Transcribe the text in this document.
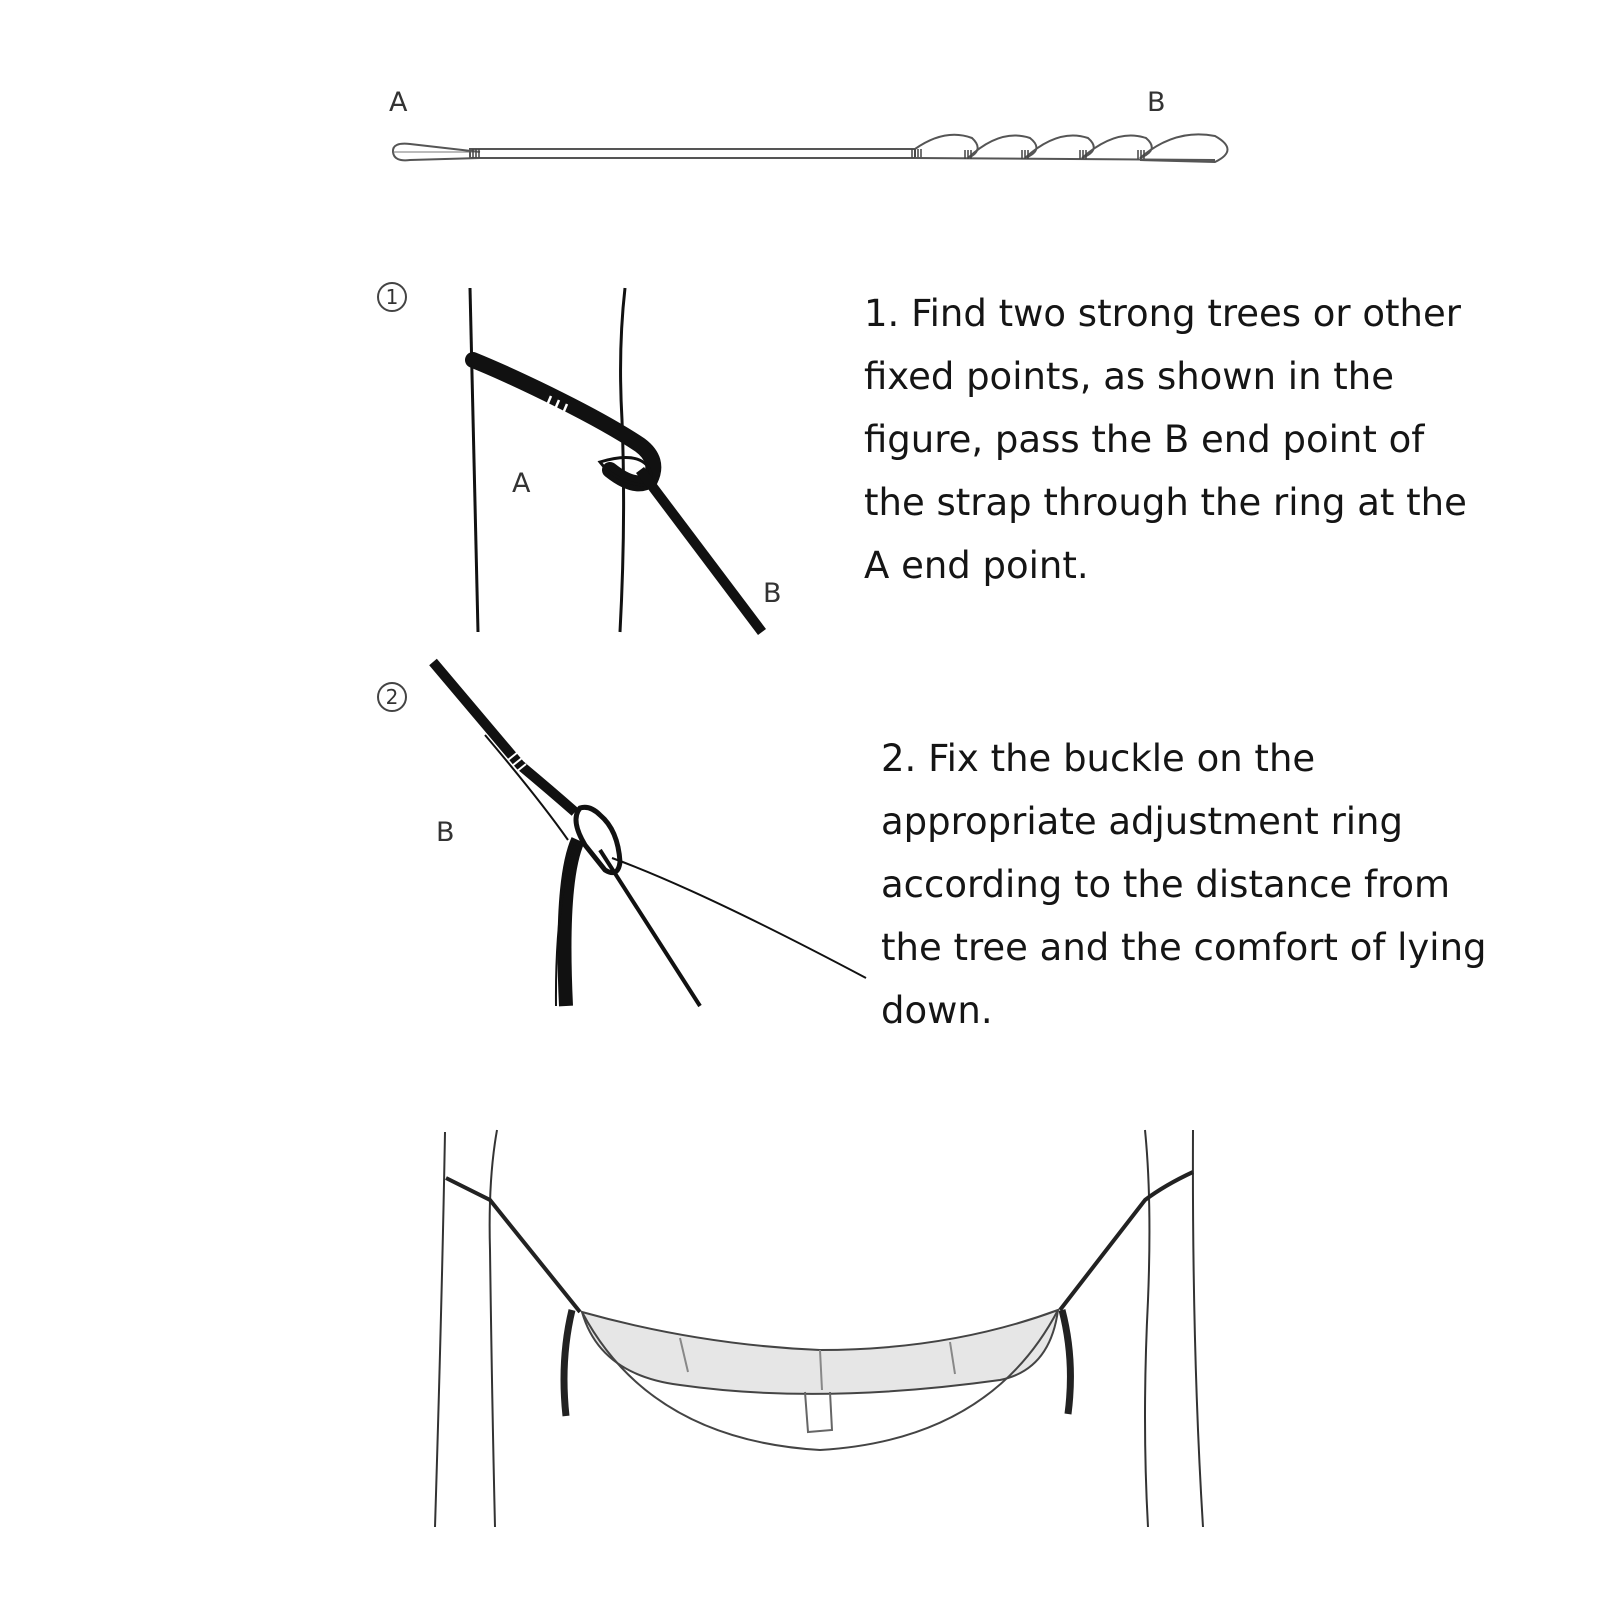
A	B
1
A
B
2
B
1. Find two strong trees or other
fixed points, as shown in the
figure, pass the B end point of
the strap through the ring at the
A end point.
2. Fix the buckle on the
appropriate adjustment ring
according to the distance from
the tree and the comfort of lying
down.
